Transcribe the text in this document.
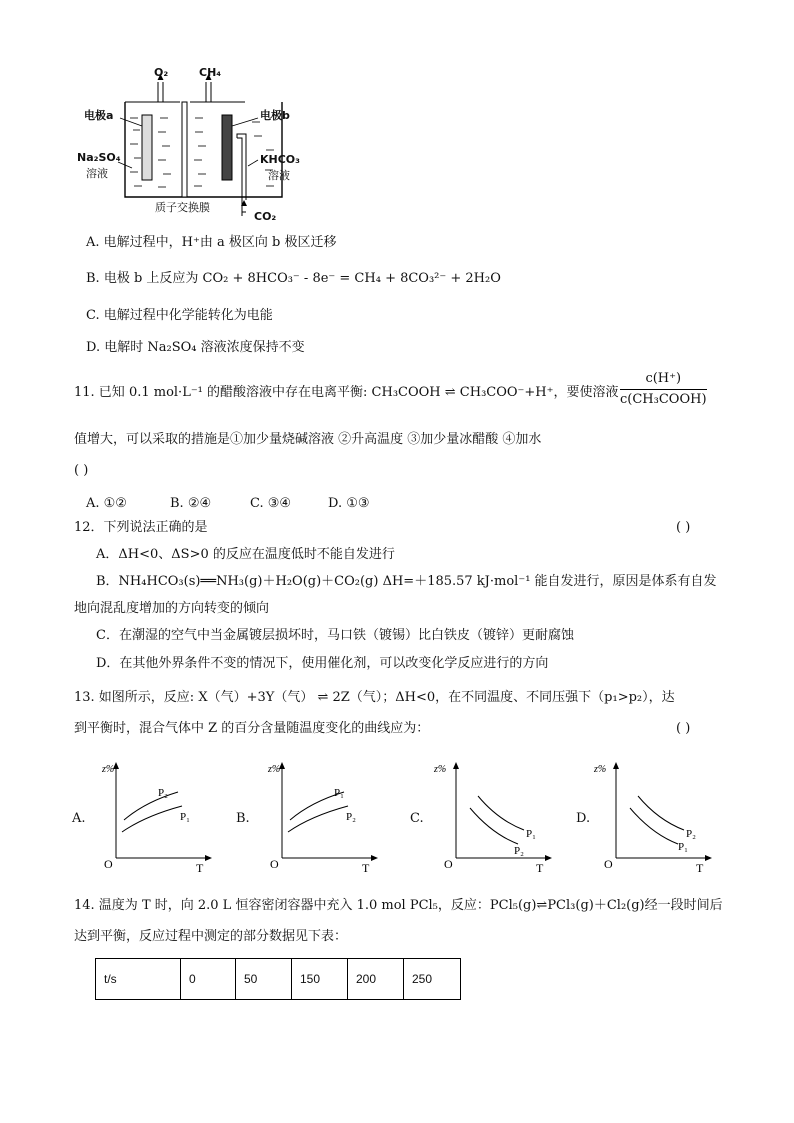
O₂	CH₄
电极a	电极b
Na₂SO₄
溶液
KHCO₃
溶液
质子交换膜
CO₂
A. 电解过程中，H⁺由 a 极区向 b 极区迁移
B. 电极 b 上反应为 CO₂ + 8HCO₃⁻ - 8e⁻ = CH₄ + 8CO₃²⁻ + 2H₂O
C. 电解过程中化学能转化为电能
D. 电解时 Na₂SO₄ 溶液浓度保持不变
11. 已知 0.1 mol·L⁻¹ 的醋酸溶液中存在电离平衡: CH₃COOH ⇌ CH₃COO⁻+H⁺，要使溶液
c(H⁺)
c(CH₃COOH)
值增大，可以采取的措施是①加少量烧碱溶液 ②升高温度 ③加少量冰醋酸 ④加水
( )
A. ①②	B. ②④	C. ③④	D. ①③
12．下列说法正确的是	( )
A．ΔH<0、ΔS>0 的反应在温度低时不能自发进行
B．NH₄HCO₃(s)══NH₃(g)＋H₂O(g)＋CO₂(g) ΔH=＋185.57 kJ·mol⁻¹ 能自发进行，原因是体系有自发
地向混乱度增加的方向转变的倾向
C．在潮湿的空气中当金属镀层损坏时，马口铁（镀锡）比白铁皮（镀锌）更耐腐蚀
D．在其他外界条件不变的情况下，使用催化剂，可以改变化学反应进行的方向
13. 如图所示，反应: X（气）+3Y（气） ⇌ 2Z（气）；ΔH<0，在不同温度、不同压强下（p₁>p₂），达
到平衡时，混合气体中 Z 的百分含量随温度变化的曲线应为：	( )
A.
z%
T
O
P₂
P₁	B.
z%
T
O
P₁
P₂	C.
z%
T
O
P₁
P₂
D.
z%
T
O
P₂
P₁
14. 温度为 T 时，向 2.0 L 恒容密闭容器中充入 1.0 mol PCl₅，反应：PCl₅(g)⇌PCl₃(g)＋Cl₂(g)经一段时间后
达到平衡，反应过程中测定的部分数据见下表：
t/s	0	50	150	200	250
